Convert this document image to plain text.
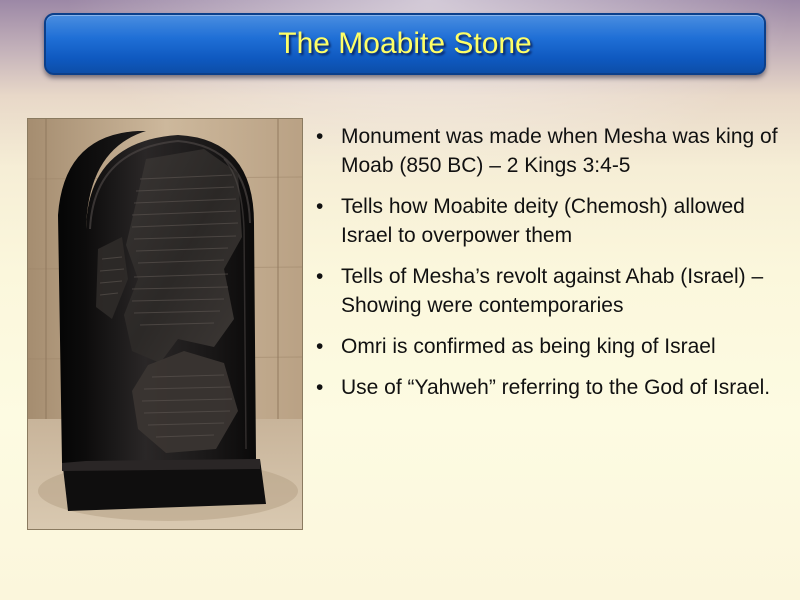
The Moabite Stone
• Monument was made when Mesha was king of Moab (850 BC) – 2 Kings 3:4-5
• Tells how Moabite deity (Chemosh) allowed Israel to overpower them
• Tells of Mesha’s revolt against Ahab (Israel) – Showing were contemporaries
• Omri is confirmed as being king of Israel
• Use of “Yahweh” referring to the God of Israel.
